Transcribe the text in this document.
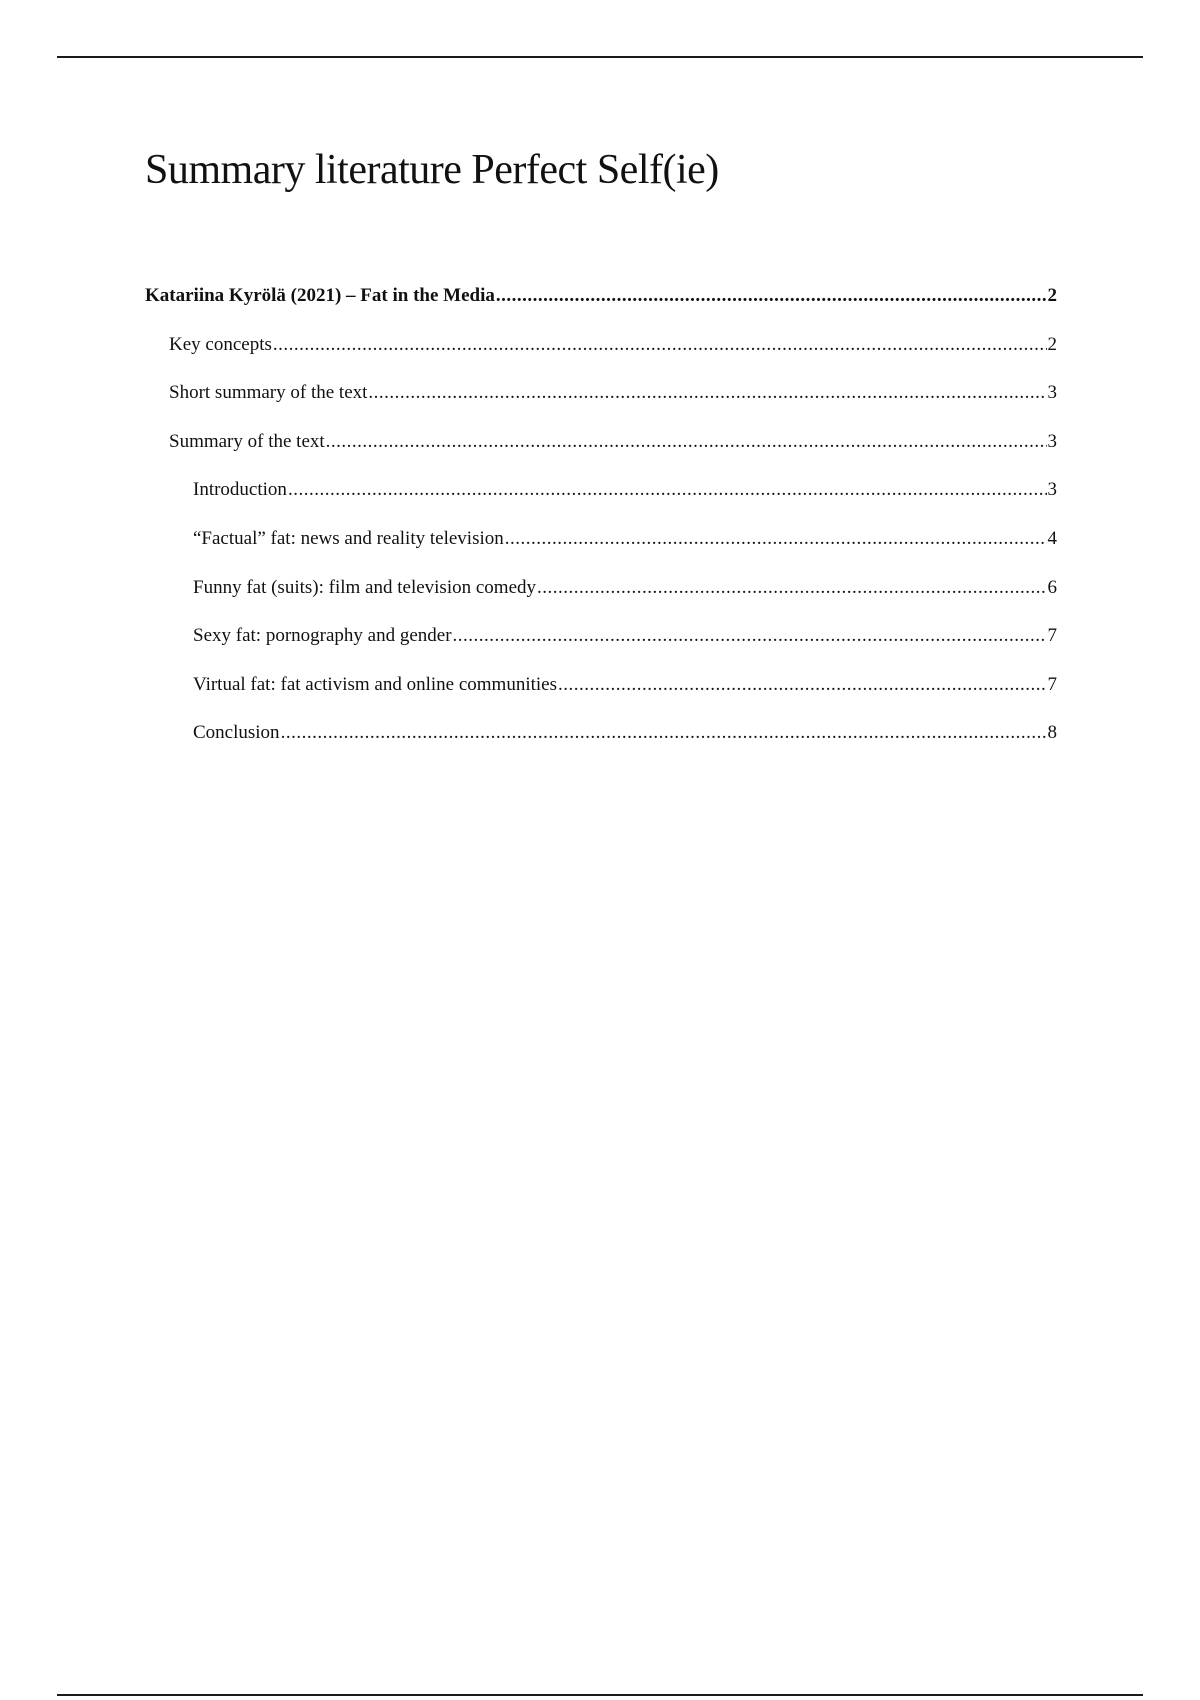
Summary literature Perfect Self(ie)
Katariina Kyrölä (2021) – Fat in the Media .....	2
Key concepts .....	2
Short summary of the text .....	3
Summary of the text .....	3
Introduction .....	3
“Factual” fat: news and reality television .....	4
Funny fat (suits): film and television comedy .....	6
Sexy fat: pornography and gender .....	7
Virtual fat: fat activism and online communities .....	7
Conclusion .....	8
